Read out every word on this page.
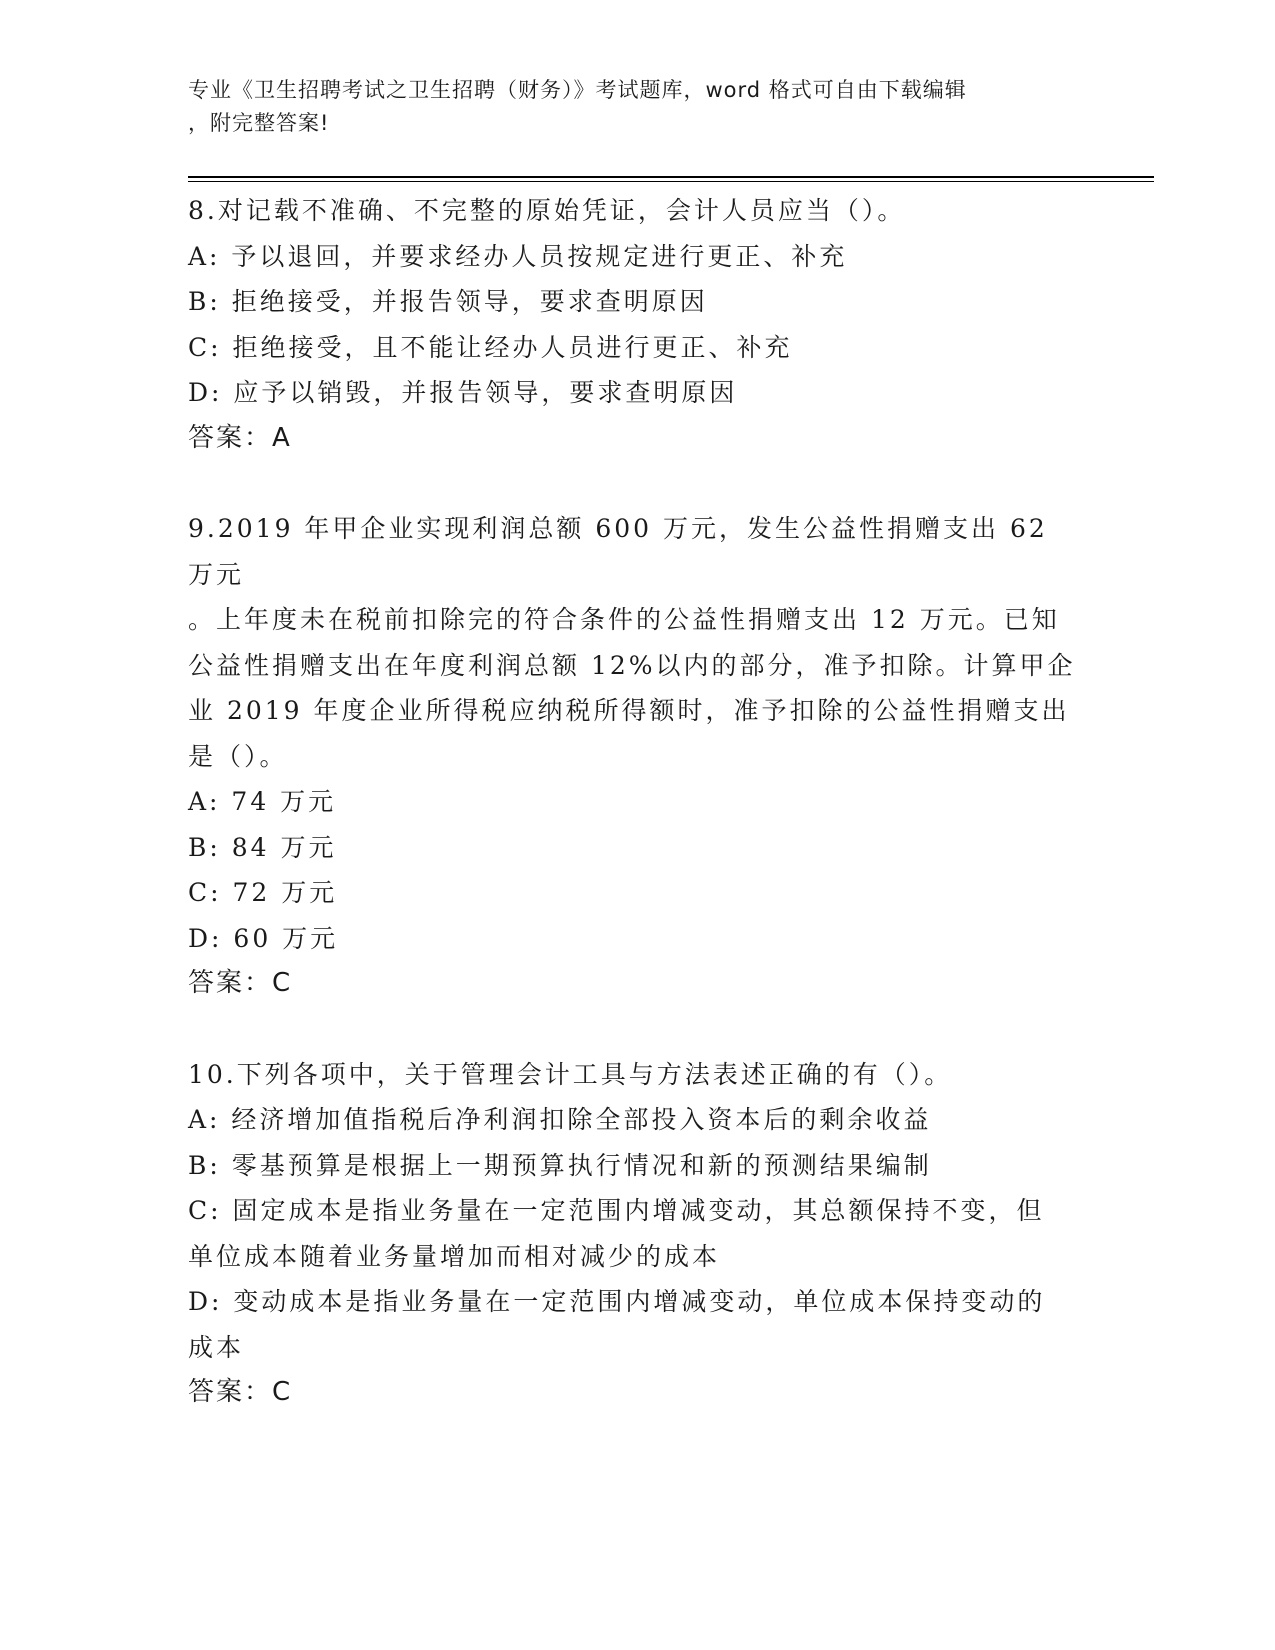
专业《卫生招聘考试之卫生招聘（财务）》考试题库，word 格式可自由下载编辑
，附完整答案!
8.对记载不准确、不完整的原始凭证，会计人员应当（）。
A: 予以退回，并要求经办人员按规定进行更正、补充
B: 拒绝接受，并报告领导，要求查明原因
C: 拒绝接受，且不能让经办人员进行更正、补充
D: 应予以销毁，并报告领导，要求查明原因
答案：A
9.2019 年甲企业实现利润总额 600 万元，发生公益性捐赠支出 62 万元
。上年度未在税前扣除完的符合条件的公益性捐赠支出 12 万元。已知
公益性捐赠支出在年度利润总额 12%以内的部分，准予扣除。计算甲企
业 2019 年度企业所得税应纳税所得额时，准予扣除的公益性捐赠支出
是（）。
A: 74 万元
B: 84 万元
C: 72 万元
D: 60 万元
答案：C
10.下列各项中，关于管理会计工具与方法表述正确的有（）。
A: 经济增加值指税后净利润扣除全部投入资本后的剩余收益
B: 零基预算是根据上一期预算执行情况和新的预测结果编制
C: 固定成本是指业务量在一定范围内增减变动，其总额保持不变，但
单位成本随着业务量增加而相对减少的成本
D: 变动成本是指业务量在一定范围内增减变动，单位成本保持变动的
成本
答案：C
